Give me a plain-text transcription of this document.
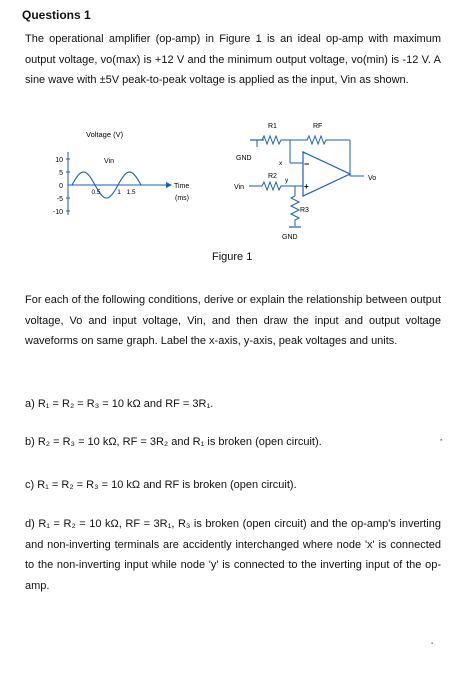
Questions 1
The operational amplifier (op-amp) in Figure 1 is an ideal op-amp with maximum output voltage, vo(max) is +12 V and the minimum output voltage, vo(min) is -12 V. A sine wave with ±5V peak-to-peak voltage is applied as the input, Vin as shown.
Voltage (V)
10
5
0
-5
-10
0.5	1 1.5
Vin
Time
(ms)
GND
R1	RF
x
Vin
R2
y
R3
GND
−
+
Vo
Figure 1
For each of the following conditions, derive or explain the relationship between output voltage, Vo and input voltage, Vin, and then draw the input and output voltage waveforms on same graph. Label the x-axis, y-axis, peak voltages and units.
a) R₁ = R₂ = R₃ = 10 kΩ and RF = 3R₁.
b) R₂ = R₃ = 10 kΩ, RF = 3R₂ and R₁ is broken (open circuit).
c) R₁ = R₂ = R₃ = 10 kΩ and RF is broken (open circuit).
d) R₁ = R₂ = 10 kΩ, RF = 3R₁, R₃ is broken (open circuit) and the op-amp's inverting and non-inverting terminals are accidently interchanged where node 'x' is connected to the non-inverting input while node 'y' is connected to the inverting input of the op-amp.
▪
▪
